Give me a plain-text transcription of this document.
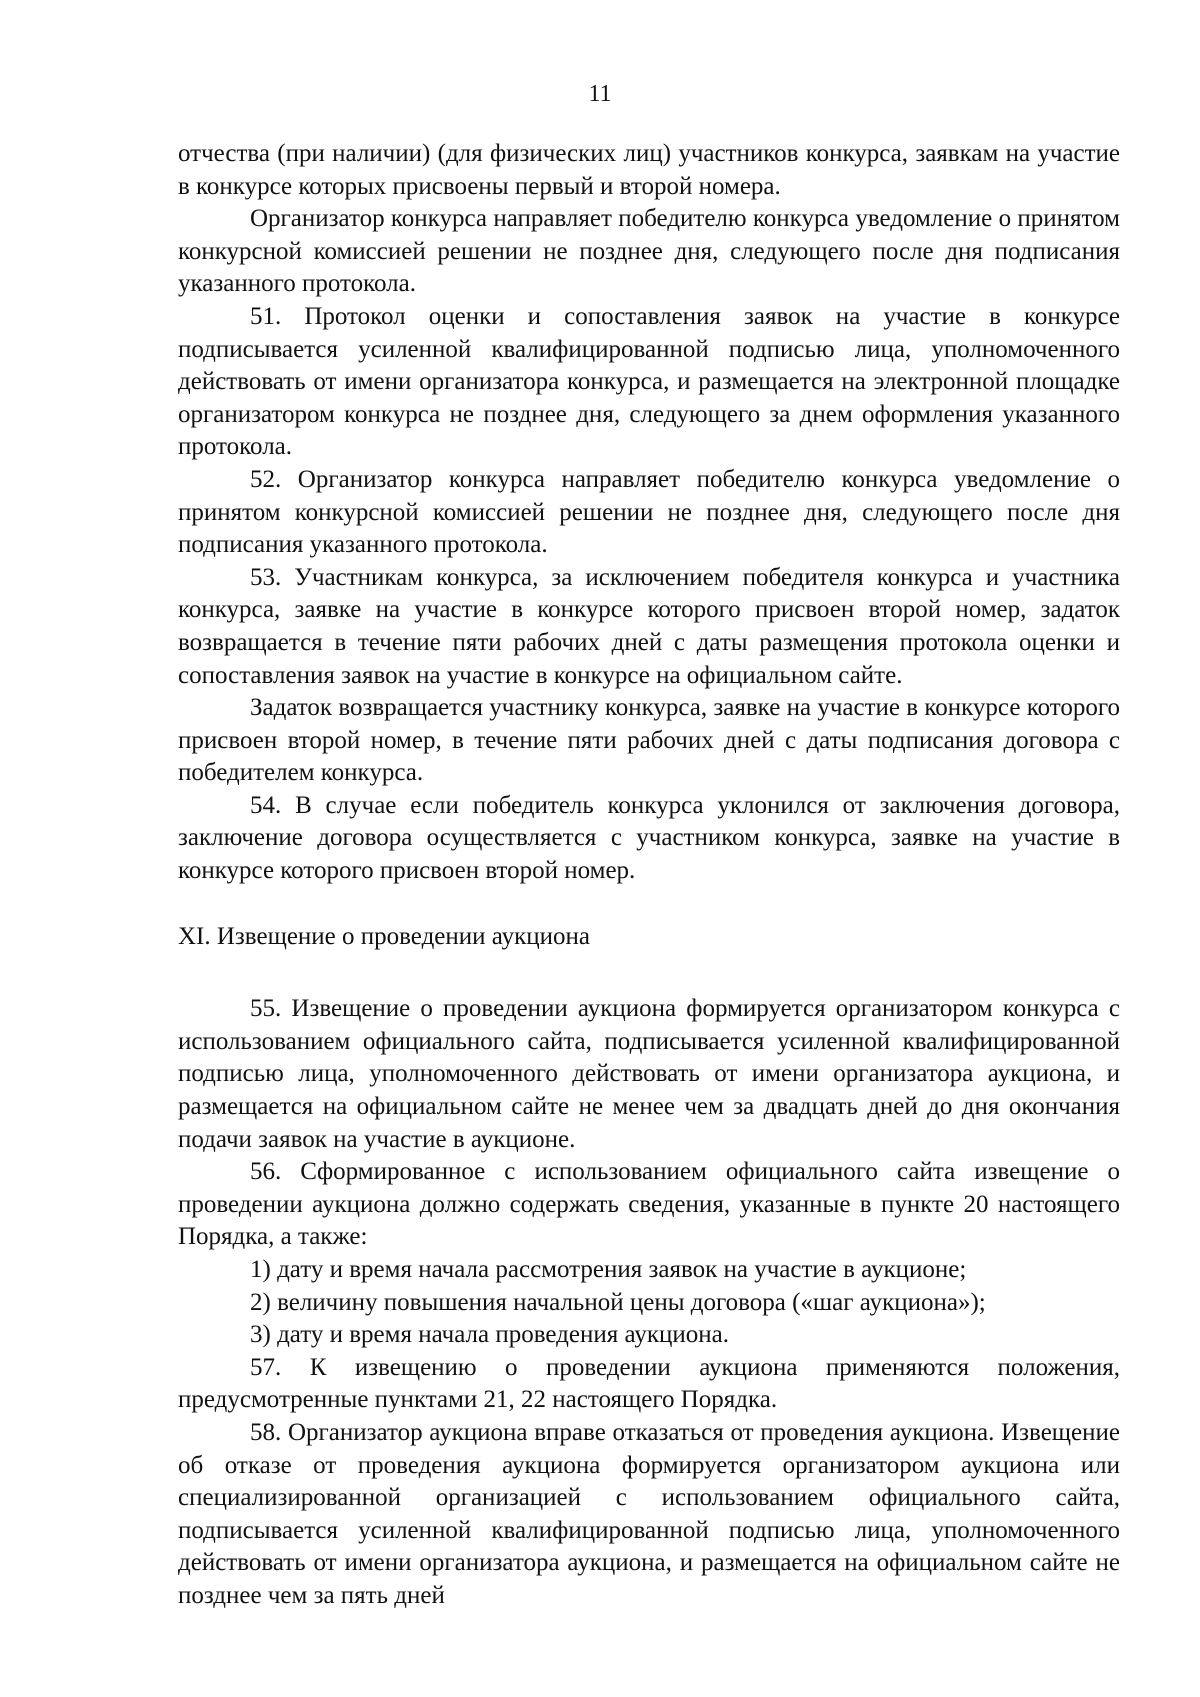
11

отчества (при наличии) (для физических лиц) участников конкурса, заявкам на участие в конкурсе которых присвоены первый и второй номера.

Организатор конкурса направляет победителю конкурса уведомление о принятом конкурсной комиссией решении не позднее дня, следующего после дня подписания указанного протокола.

51. Протокол оценки и сопоставления заявок на участие в конкурсе подписывается усиленной квалифицированной подписью лица, уполномоченного действовать от имени организатора конкурса, и размещается на электронной площадке организатором конкурса не позднее дня, следующего за днем оформления указанного протокола.

52. Организатор конкурса направляет победителю конкурса уведомление о принятом конкурсной комиссией решении не позднее дня, следующего после дня подписания указанного протокола.

53. Участникам конкурса, за исключением победителя конкурса и участника конкурса, заявке на участие в конкурсе которого присвоен второй номер, задаток возвращается в течение пяти рабочих дней с даты размещения протокола оценки и сопоставления заявок на участие в конкурсе на официальном сайте.

Задаток возвращается участнику конкурса, заявке на участие в конкурсе которого присвоен второй номер, в течение пяти рабочих дней с даты подписания договора с победителем конкурса.

54. В случае если победитель конкурса уклонился от заключения договора, заключение договора осуществляется с участником конкурса, заявке на участие в конкурсе которого присвоен второй номер.

XI. Извещение о проведении аукциона

55. Извещение о проведении аукциона формируется организатором конкурса с использованием официального сайта, подписывается усиленной квалифицированной подписью лица, уполномоченного действовать от имени организатора аукциона, и размещается на официальном сайте не менее чем за двадцать дней до дня окончания подачи заявок на участие в аукционе.

56. Сформированное с использованием официального сайта извещение о проведении аукциона должно содержать сведения, указанные в пункте 20 настоящего Порядка, а также:

1) дату и время начала рассмотрения заявок на участие в аукционе;

2) величину повышения начальной цены договора («шаг аукциона»);

3) дату и время начала проведения аукциона.

57. К извещению о проведении аукциона применяются положения, предусмотренные пунктами 21, 22 настоящего Порядка.

58. Организатор аукциона вправе отказаться от проведения аукциона. Извещение об отказе от проведения аукциона формируется организатором аукциона или специализированной организацией с использованием официального сайта, подписывается усиленной квалифицированной подписью лица, уполномоченного действовать от имени организатора аукциона, и размещается на официальном сайте не позднее чем за пять дней
